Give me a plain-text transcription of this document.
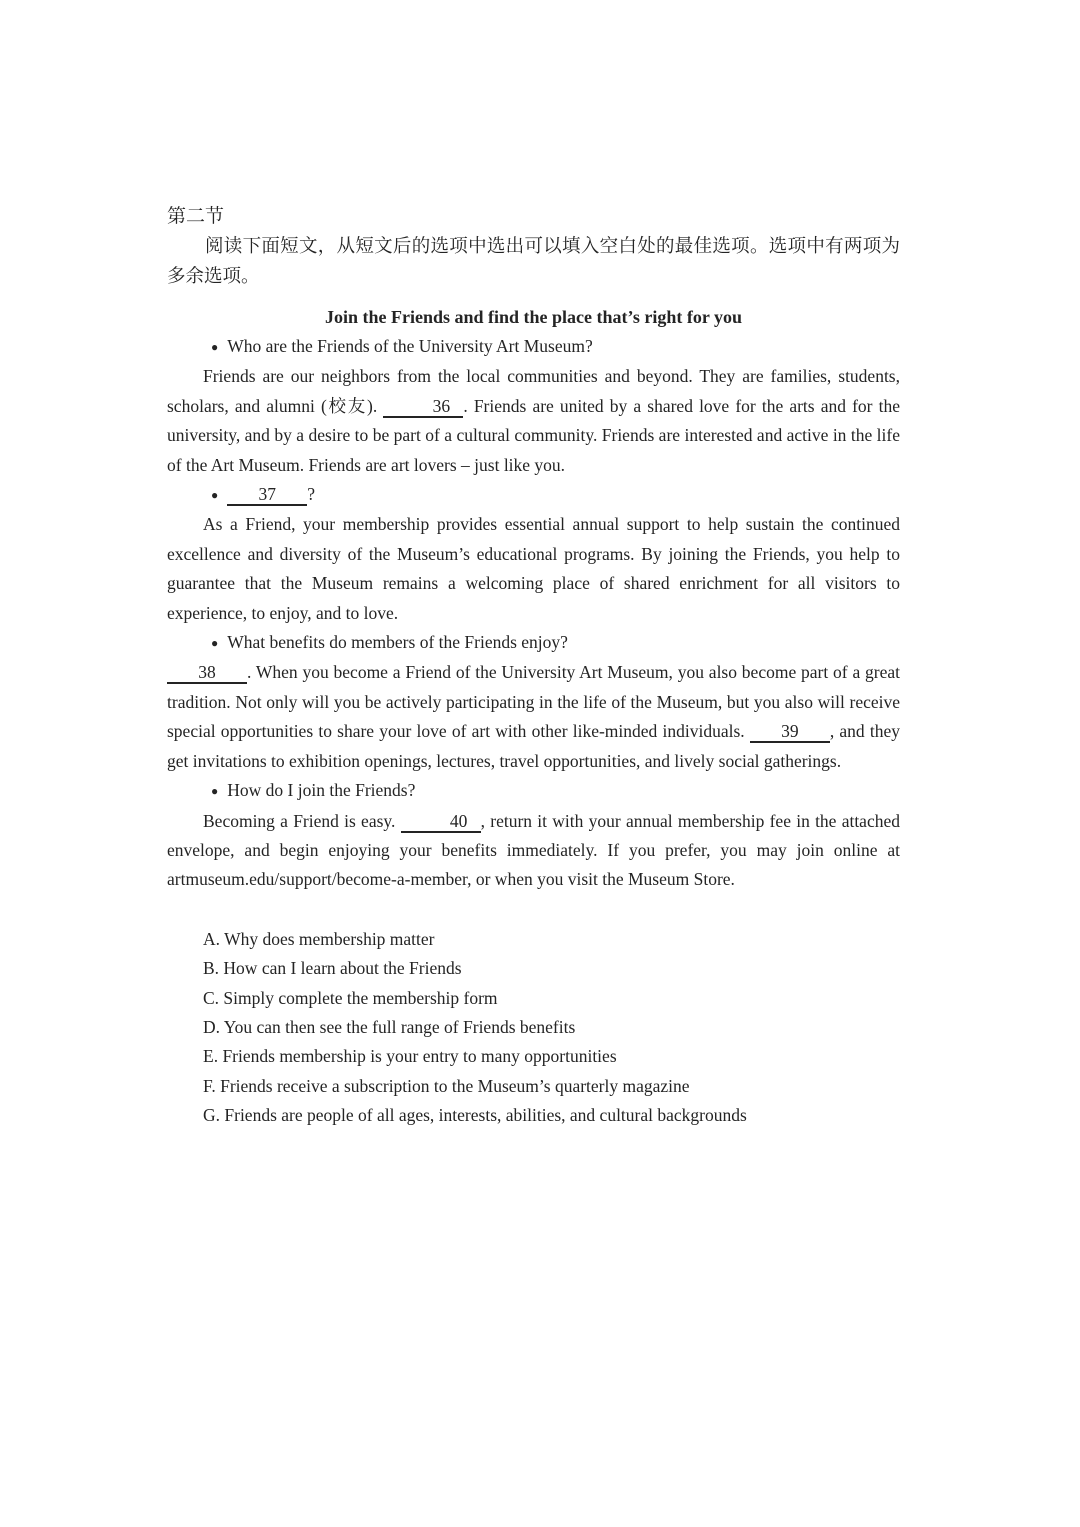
第二节

阅读下面短文，从短文后的选项中选出可以填入空白处的最佳选项。选项中有两项为多余选项。

Join the Friends and find the place that’s right for you

● Who are the Friends of the University Art Museum?

Friends are our neighbors from the local communities and beyond. They are families, students, scholars, and alumni (校友).	36 . Friends are united by a shared love for the arts and for the university, and by a desire to be part of a cultural community. Friends are interested and active in the life of the Art Museum. Friends are art lovers – just like you.

● 37 ?

As a Friend, your membership provides essential annual support to help sustain the continued excellence and diversity of the Museum’s educational programs. By joining the Friends, you help to guarantee that the Museum remains a welcoming place of shared enrichment for all visitors to experience, to enjoy, and to love.

● What benefits do members of the Friends enjoy?

38 . When you become a Friend of the University Art Museum, you also become part of a great tradition. Not only will you be actively participating in the life of the Museum, but you also will receive special opportunities to share your love of art with other like-minded individuals. 39 , and they get invitations to exhibition openings, lectures, travel opportunities, and lively social gatherings.

● How do I join the Friends?

Becoming a Friend is easy.	40 , return it with your annual membership fee in the attached envelope, and begin enjoying your benefits immediately. If you prefer, you may join online at artmuseum.edu/support/become-a-member, or when you visit the Museum Store.

A. Why does membership matter
B. How can I learn about the Friends
C. Simply complete the membership form
D. You can then see the full range of Friends benefits
E. Friends membership is your entry to many opportunities
F. Friends receive a subscription to the Museum’s quarterly magazine
G. Friends are people of all ages, interests, abilities, and cultural backgrounds
